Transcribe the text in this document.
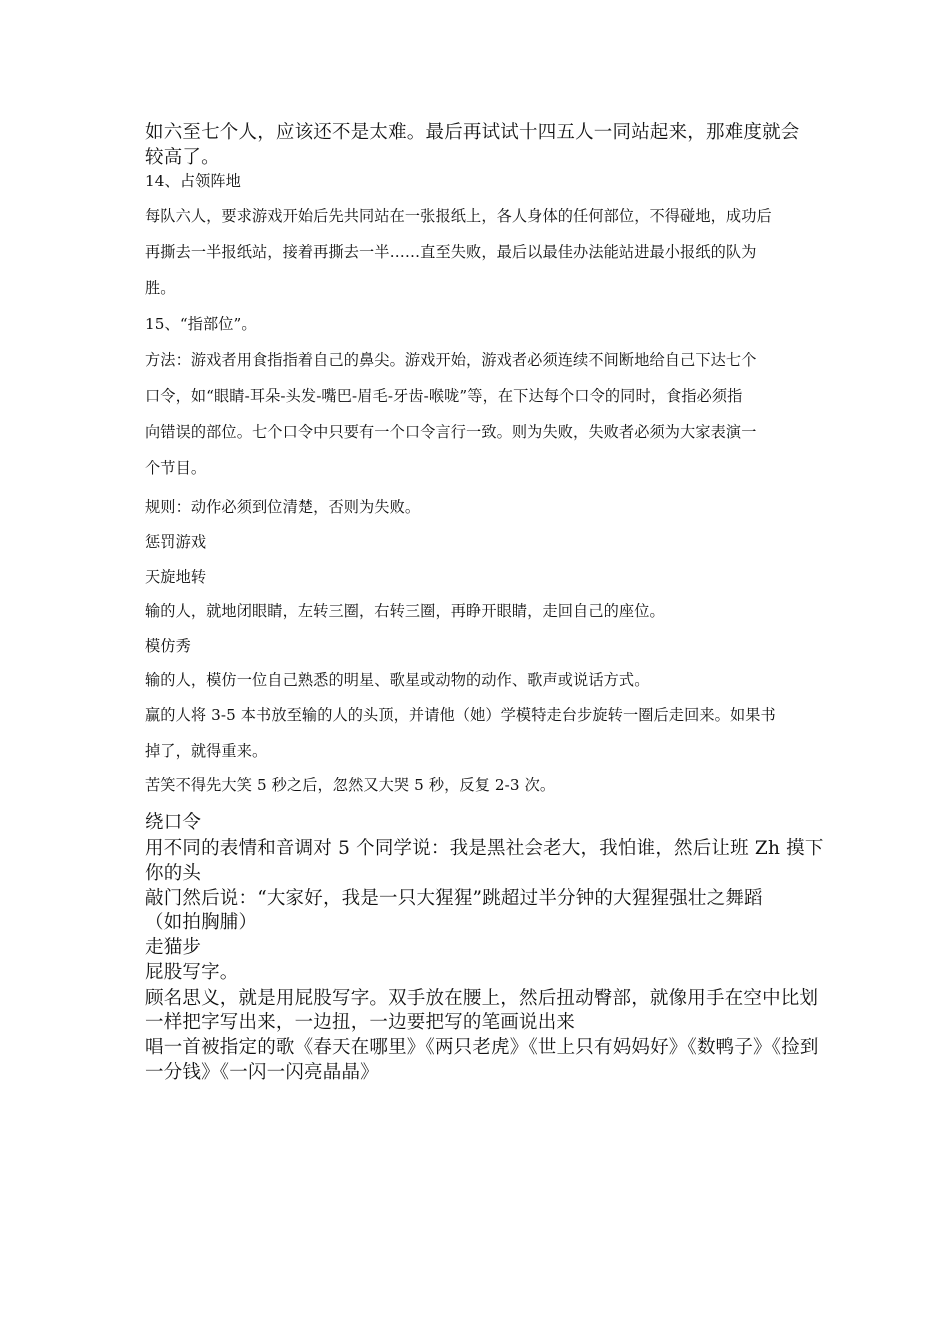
如六至七个人，应该还不是太难。最后再试试十四五人一同站起来，那难度就会
较高了。
14、占领阵地
每队六人，要求游戏开始后先共同站在一张报纸上，各人身体的任何部位，不得碰地，成功后
再撕去一半报纸站，接着再撕去一半……直至失败，最后以最佳办法能站进最小报纸的队为
胜。
15、“指部位”。
方法：游戏者用食指指着自己的鼻尖。游戏开始，游戏者必须连续不间断地给自己下达七个
口令，如“眼睛-耳朵-头发-嘴巴-眉毛-牙齿-喉咙”等，在下达每个口令的同时，食指必须指
向错误的部位。七个口令中只要有一个口令言行一致。则为失败，失败者必须为大家表演一
个节目。
规则：动作必须到位清楚，否则为失败。
惩罚游戏
天旋地转
输的人，就地闭眼睛，左转三圈，右转三圈，再睁开眼睛，走回自己的座位。
模仿秀
输的人，模仿一位自己熟悉的明星、歌星或动物的动作、歌声或说话方式。
赢的人将 3-5 本书放至输的人的头顶，并请他（她）学模特走台步旋转一圈后走回来。如果书
掉了，就得重来。
苦笑不得先大笑 5 秒之后，忽然又大哭 5 秒，反复 2-3 次。
绕口令
用不同的表情和音调对 5 个同学说：我是黑社会老大，我怕谁，然后让班 Zh 摸下
你的头
敲门然后说：“大家好，我是一只大猩猩”跳超过半分钟的大猩猩强壮之舞蹈
（如拍胸脯）
走猫步
屁股写字。
顾名思义，就是用屁股写字。双手放在腰上，然后扭动臀部，就像用手在空中比划
一样把字写出来，一边扭，一边要把写的笔画说出来
唱一首被指定的歌《春天在哪里》《两只老虎》《世上只有妈妈好》《数鸭子》《捡到
一分钱》《一闪一闪亮晶晶》
